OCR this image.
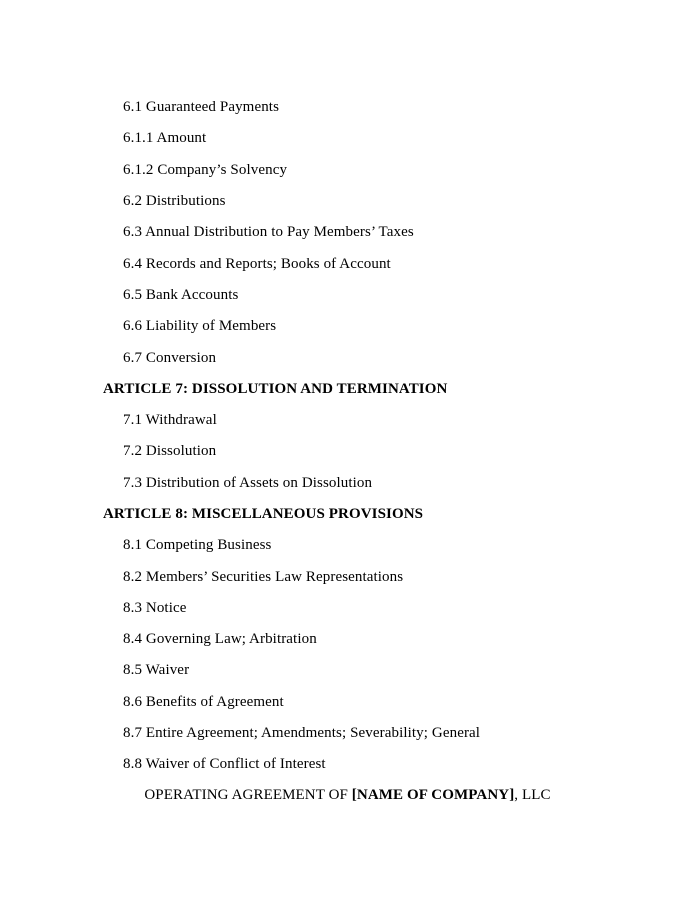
6.1 Guaranteed Payments
6.1.1 Amount
6.1.2 Company’s Solvency
6.2 Distributions
6.3 Annual Distribution to Pay Members’ Taxes
6.4 Records and Reports; Books of Account
6.5 Bank Accounts
6.6 Liability of Members
6.7 Conversion
ARTICLE 7: DISSOLUTION AND TERMINATION
7.1 Withdrawal
7.2 Dissolution
7.3 Distribution of Assets on Dissolution
ARTICLE 8: MISCELLANEOUS PROVISIONS
8.1 Competing Business
8.2 Members’ Securities Law Representations
8.3 Notice
8.4 Governing Law; Arbitration
8.5 Waiver
8.6 Benefits of Agreement
8.7 Entire Agreement; Amendments; Severability; General
8.8 Waiver of Conflict of Interest
OPERATING AGREEMENT OF [NAME OF COMPANY] , LLC
